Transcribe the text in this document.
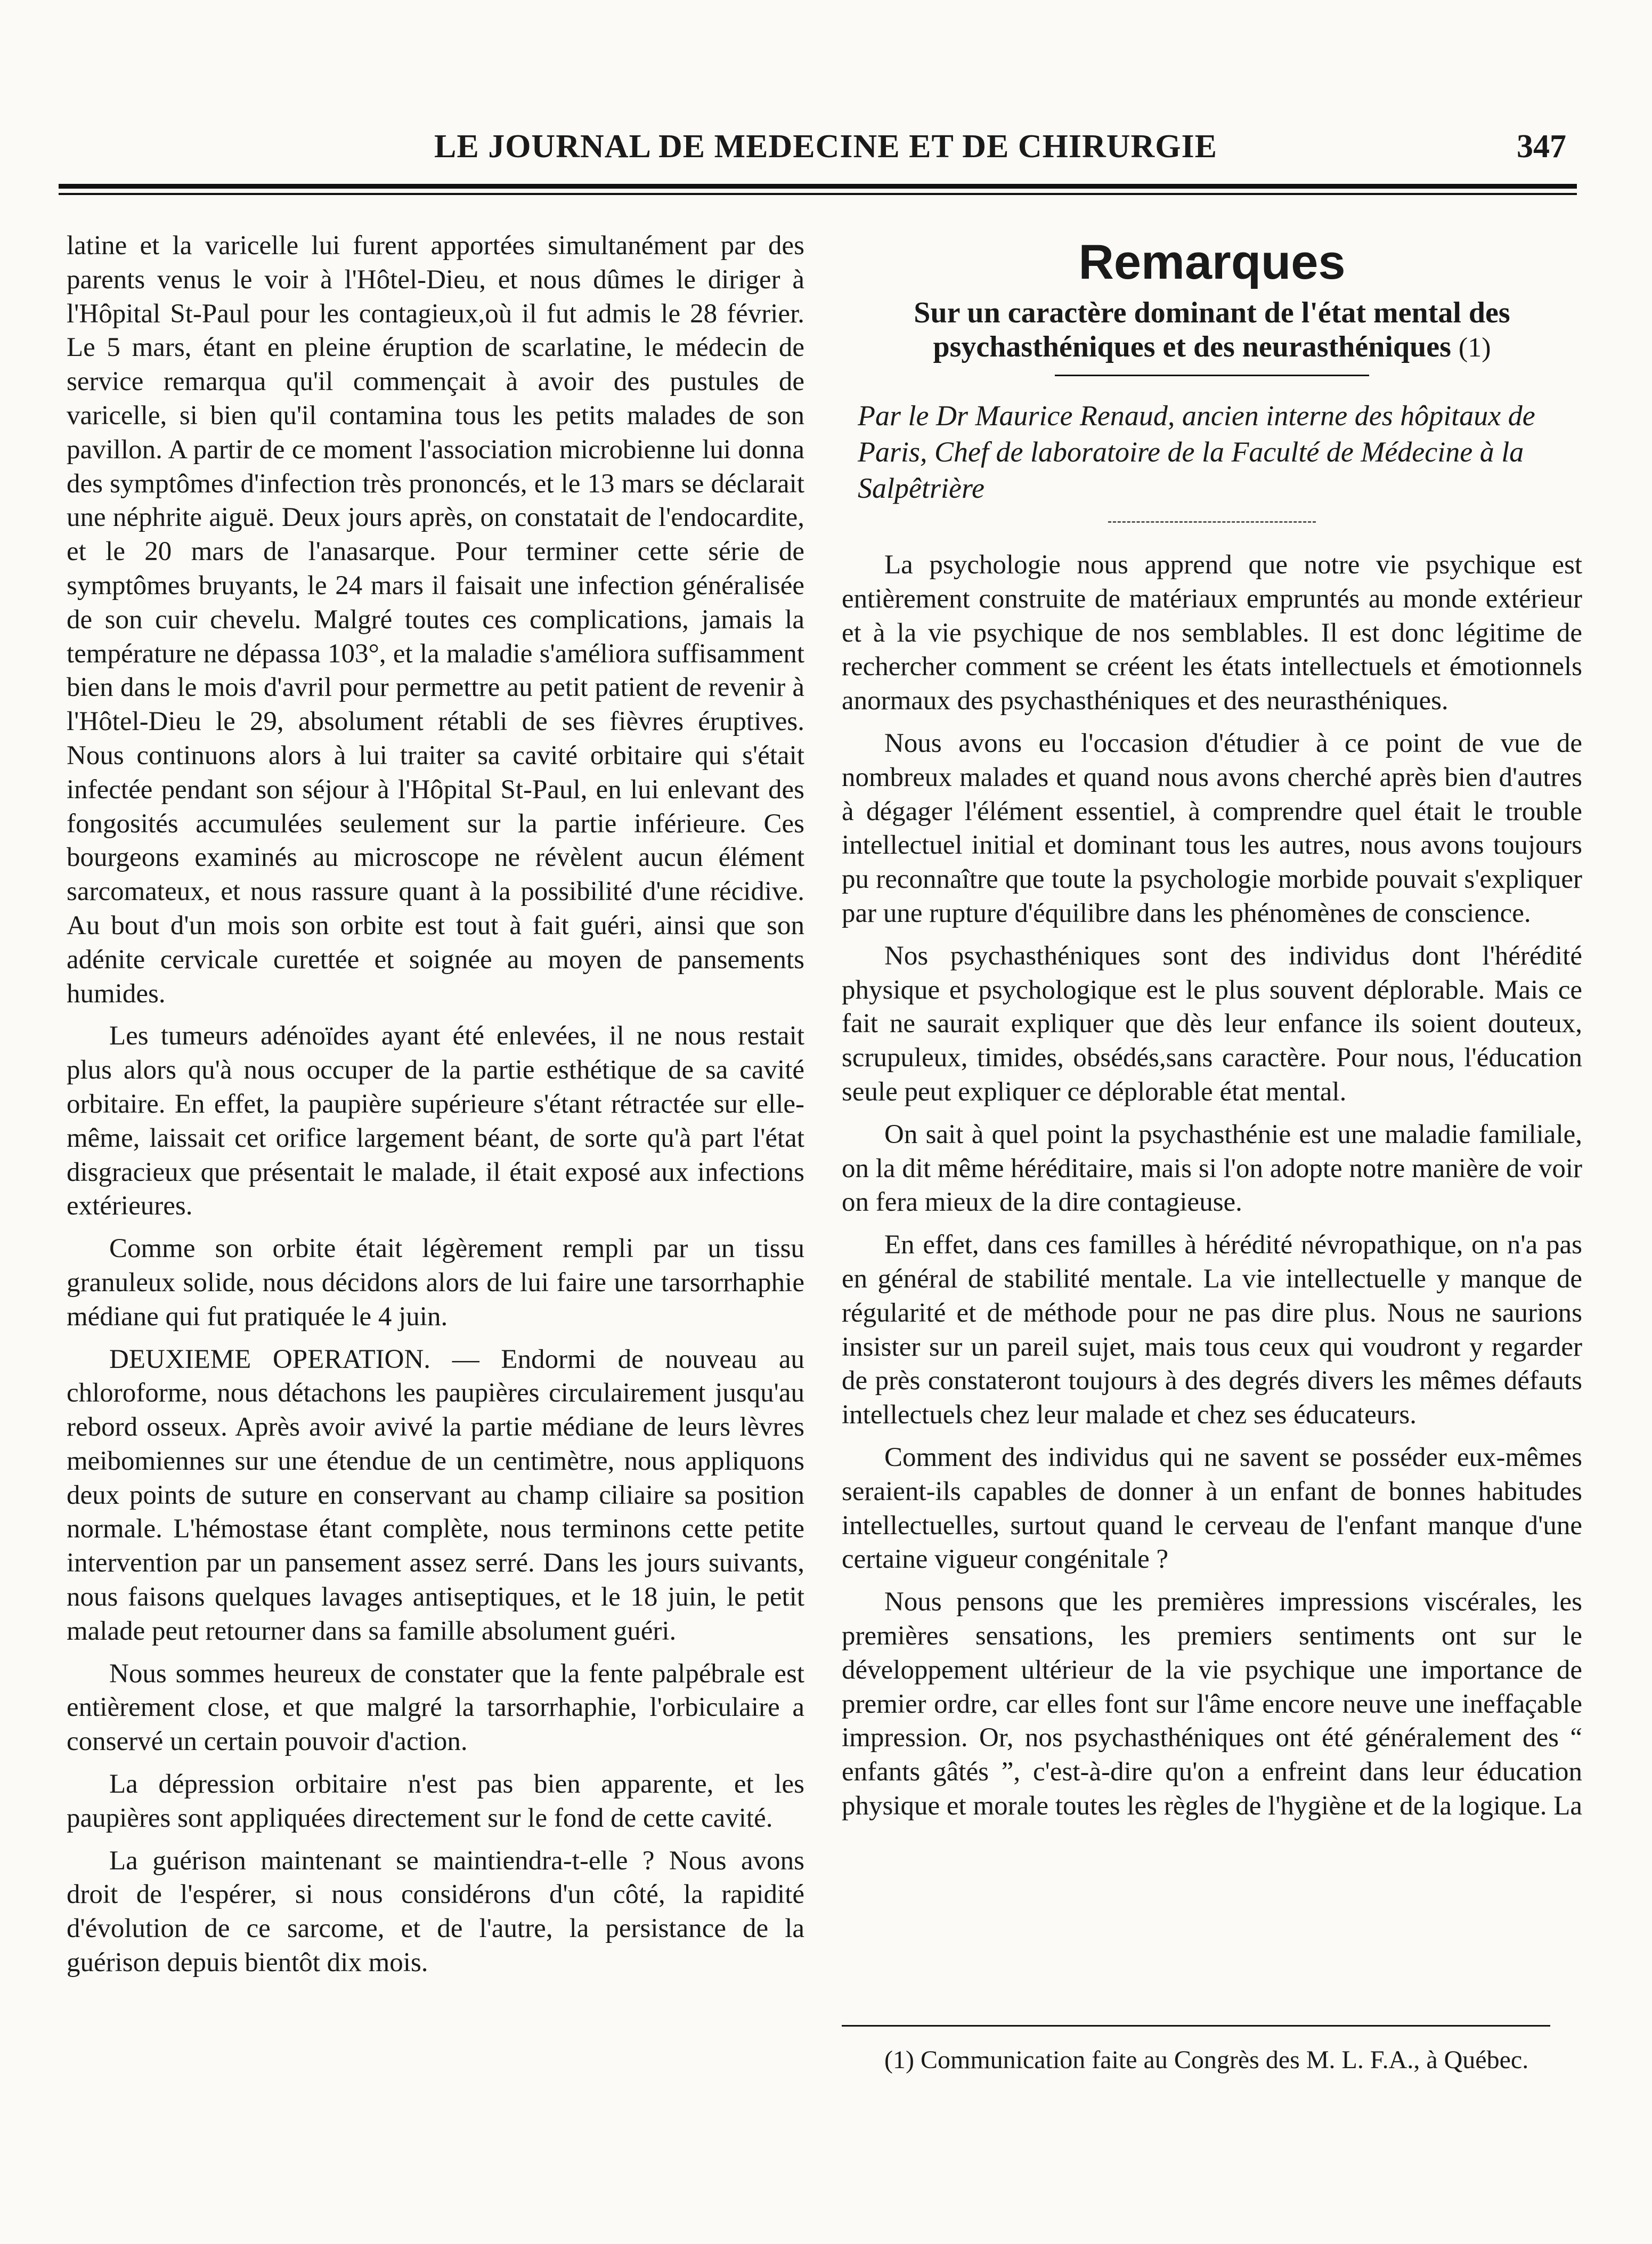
LE JOURNAL DE MEDECINE ET DE CHIRURGIE	347

latine et la varicelle lui furent apportées simultanément par des parents venus le voir à l'Hôtel-Dieu, et nous dûmes le diriger à l'Hôpital St-Paul pour les contagieux,où il fut admis le 28 février. Le 5 mars, étant en pleine éruption de scarlatine, le médecin de service remarqua qu'il commençait à avoir des pustules de varicelle, si bien qu'il contamina tous les petits malades de son pavillon. A partir de ce moment l'association microbienne lui donna des symptômes d'infection très prononcés, et le 13 mars se déclarait une néphrite aiguë. Deux jours après, on constatait de l'endocardite, et le 20 mars de l'anasarque. Pour terminer cette série de symptômes bruyants, le 24 mars il faisait une infection généralisée de son cuir chevelu. Malgré toutes ces complications, jamais la température ne dépassa 103°, et la maladie s'améliora suffisamment bien dans le mois d'avril pour permettre au petit patient de revenir à l'Hôtel-Dieu le 29, absolument rétabli de ses fièvres éruptives. Nous continuons alors à lui traiter sa cavité orbitaire qui s'était infectée pendant son séjour à l'Hôpital St-Paul, en lui enlevant des fongosités accumulées seulement sur la partie inférieure. Ces bourgeons examinés au microscope ne révèlent aucun élément sarcomateux, et nous rassure quant à la possibilité d'une récidive. Au bout d'un mois son orbite est tout à fait guéri, ainsi que son adénite cervicale curettée et soignée au moyen de pansements humides.

Les tumeurs adénoïdes ayant été enlevées, il ne nous restait plus alors qu'à nous occuper de la partie esthétique de sa cavité orbitaire. En effet, la paupière supérieure s'étant rétractée sur elle-même, laissait cet orifice largement béant, de sorte qu'à part l'état disgracieux que présentait le malade, il était exposé aux infections extérieures.

Comme son orbite était légèrement rempli par un tissu granuleux solide, nous décidons alors de lui faire une tarsorrhaphie médiane qui fut pratiquée le 4 juin.

DEUXIEME OPERATION. — Endormi de nouveau au chloroforme, nous détachons les paupières circulairement jusqu'au rebord osseux. Après avoir avivé la partie médiane de leurs lèvres meibomiennes sur une étendue de un centimètre, nous appliquons deux points de suture en conservant au champ ciliaire sa position normale. L'hémostase étant complète, nous terminons cette petite intervention par un pansement assez serré. Dans les jours suivants, nous faisons quelques lavages antiseptiques, et le 18 juin, le petit malade peut retourner dans sa famille absolument guéri.

Nous sommes heureux de constater que la fente palpébrale est entièrement close, et que malgré la tarsorrhaphie, l'orbiculaire a conservé un certain pouvoir d'action.

La dépression orbitaire n'est pas bien apparente, et les paupières sont appliquées directement sur le fond de cette cavité.

La guérison maintenant se maintiendra-t-elle ? Nous avons droit de l'espérer, si nous considérons d'un côté, la rapidité d'évolution de ce sarcome, et de l'autre, la persistance de la guérison depuis bientôt dix mois.

Remarques

Sur un caractère dominant de l'état mental des psychasthéniques et des neurasthéniques (1)

Par le Dr Maurice Renaud, ancien interne des hôpitaux de Paris, Chef de laboratoire de la Faculté de Médecine à la Salpêtrière

La psychologie nous apprend que notre vie psychique est entièrement construite de matériaux empruntés au monde extérieur et à la vie psychique de nos semblables. Il est donc légitime de rechercher comment se créent les états intellectuels et émotionnels anormaux des psychasthéniques et des neurasthéniques.

Nous avons eu l'occasion d'étudier à ce point de vue de nombreux malades et quand nous avons cherché après bien d'autres à dégager l'élément essentiel, à comprendre quel était le trouble intellectuel initial et dominant tous les autres, nous avons toujours pu reconnaître que toute la psychologie morbide pouvait s'expliquer par une rupture d'équilibre dans les phénomènes de conscience.

Nos psychasthéniques sont des individus dont l'hérédité physique et psychologique est le plus souvent déplorable. Mais ce fait ne saurait expliquer que dès leur enfance ils soient douteux, scrupuleux, timides, obsédés,sans caractère. Pour nous, l'éducation seule peut expliquer ce déplorable état mental.

On sait à quel point la psychasthénie est une maladie familiale, on la dit même héréditaire, mais si l'on adopte notre manière de voir on fera mieux de la dire contagieuse.

En effet, dans ces familles à hérédité névropathique, on n'a pas en général de stabilité mentale. La vie intellectuelle y manque de régularité et de méthode pour ne pas dire plus. Nous ne saurions insister sur un pareil sujet, mais tous ceux qui voudront y regarder de près constateront toujours à des degrés divers les mêmes défauts intellectuels chez leur malade et chez ses éducateurs.

Comment des individus qui ne savent se posséder eux-mêmes seraient-ils capables de donner à un enfant de bonnes habitudes intellectuelles, surtout quand le cerveau de l'enfant manque d'une certaine vigueur congénitale ?

Nous pensons que les premières impressions viscérales, les premières sensations, les premiers sentiments ont sur le développement ultérieur de la vie psychique une importance de premier ordre, car elles font sur l'âme encore neuve une ineffaçable impression. Or, nos psychasthéniques ont été généralement des “ enfants gâtés ”, c'est-à-dire qu'on a enfreint dans leur éducation physique et morale toutes les règles de l'hygiène et de la logique. La

(1) Communication faite au Congrès des M. L. F.A., à Québec.
